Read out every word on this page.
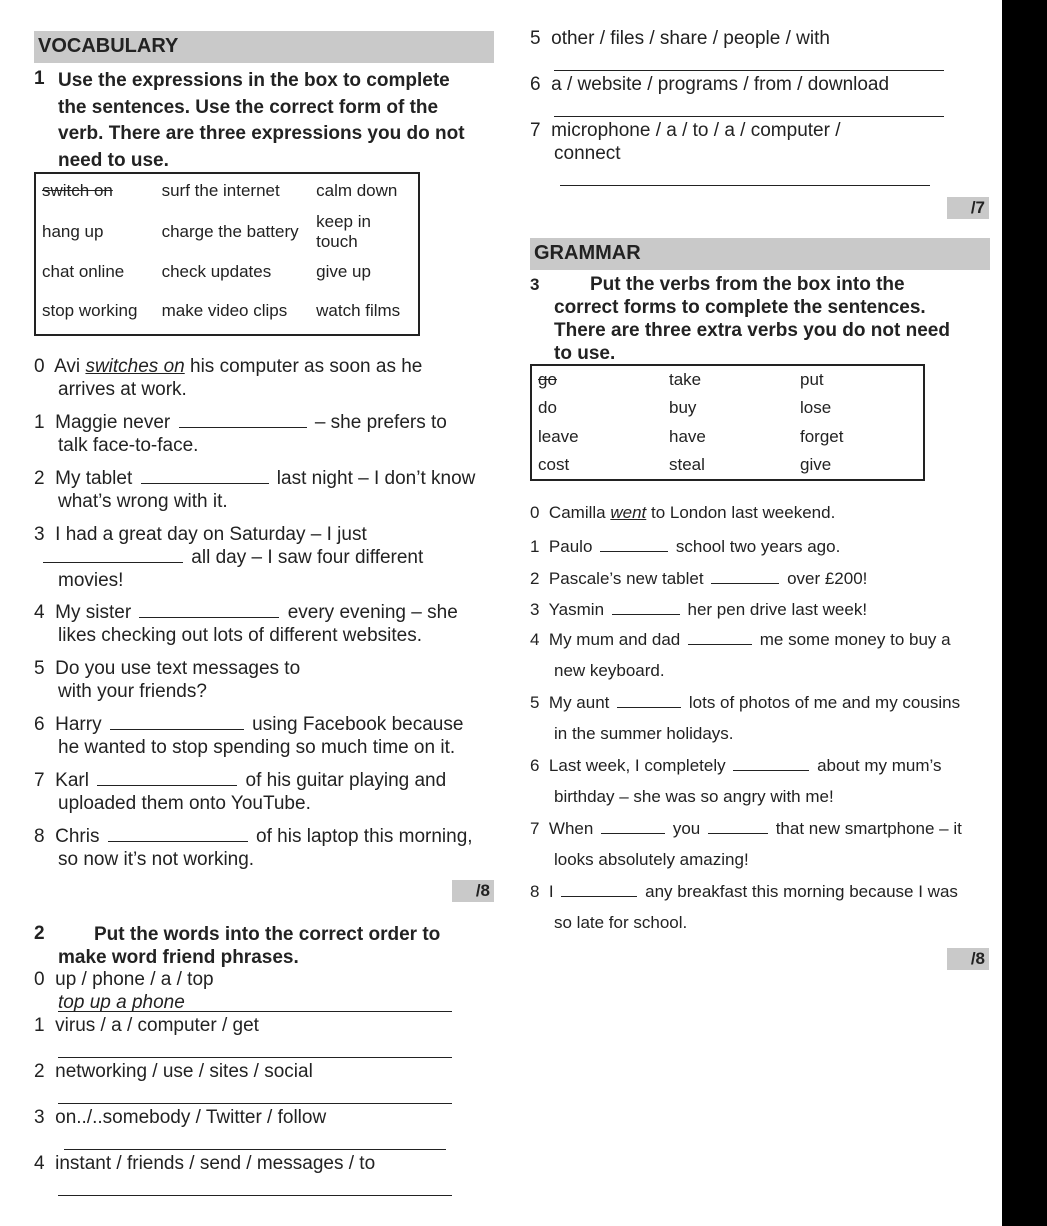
VOCABULARY
1 Use the expressions in the box to complete
the sentences. Use the correct form of the
verb. There are three expressions you do not
need to use.
switch on	surf the internet	calm down
hang up	charge the battery	keep in touch
chat online	check updates	give up
stop working	make video clips	watch films
0 Avi switches on his computer as soon as he
arrives at work.
1 Maggie never	– she prefers to
talk face-to-face.
2 My tablet	last night – I don’t know
what’s wrong with it.
3 I had a great day on Saturday – I just
all day – I saw four different
movies!
4 My sister	every evening – she
likes checking out lots of different websites.
5 Do you use text messages to
with your friends?
6 Harry	using Facebook because
he wanted to stop spending so much time on it.
7 Karl	of his guitar playing and
uploaded them onto YouTube.
8 Chris	of his laptop this morning,
so now it’s not working.
/8
2	Put the words into the correct order to
make word friend phrases.
0 up / phone / a / top
top up a phone
1 virus / a / computer / get
2 networking / use / sites / social
3 on../..somebody / Twitter / follow
4 instant / friends / send / messages / to
5 other / files / share / people / with
6 a / website / programs / from / download
7 microphone / a / to / a / computer /
connect
/7
GRAMMAR
3	Put the verbs from the box into the
correct forms to complete the sentences.
There are three extra verbs you do not need
to use.
go	take	put
do	buy	lose
leave	have	forget
cost	steal	give
0 Camilla went to London last weekend.
1 Paulo	school two years ago.
2 Pascale’s new tablet	over £200!
3 Yasmin	her pen drive last week!
4 My mum and dad	me some money to buy a
new keyboard.
5 My aunt	lots of photos of me and my cousins
in the summer holidays.
6 Last week, I completely	about my mum’s
birthday – she was so angry with me!
7 When	you	that new smartphone – it
looks absolutely amazing!
8 I	any breakfast this morning because I was
so late for school.
/8
